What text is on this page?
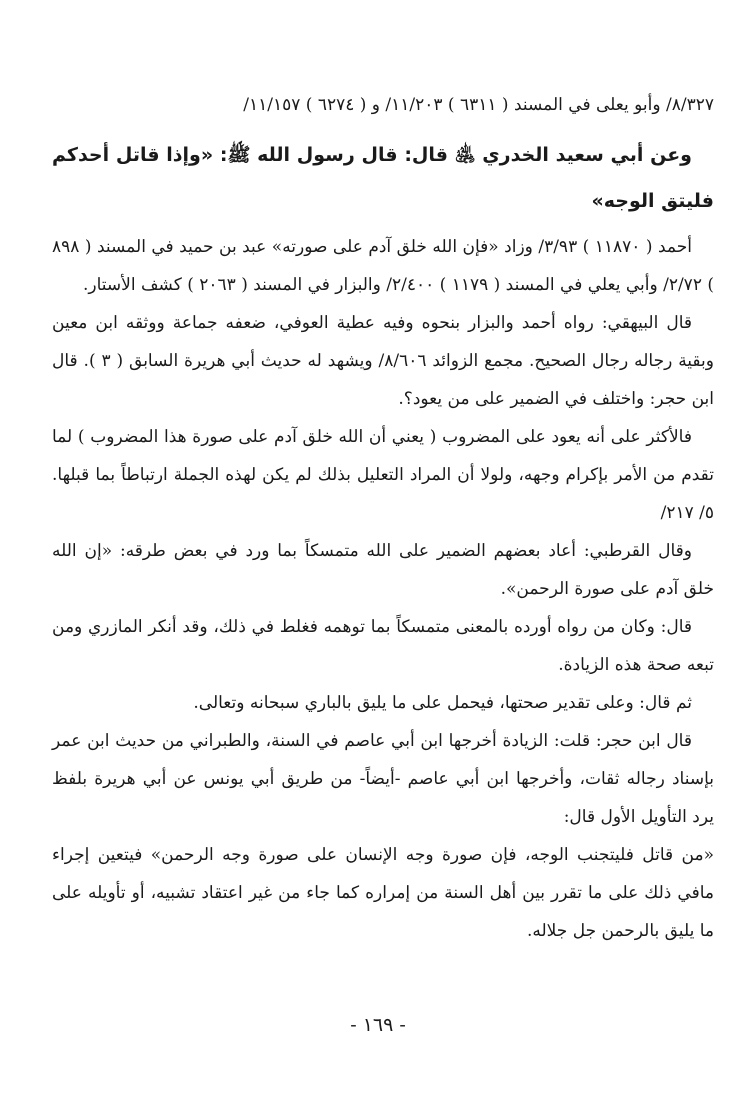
٨/٣٢٧/ وأبو يعلى في المسند ( ٦٣١١ ) ١١/٢٠٣/ و ( ٦٢٧٤ ) ١١/١٥٧/

وعن أبي سعيد الخدري ﵁ قال: قال رسول الله ﷺ: «وإذا قاتل أحدكم فليتق الوجه»

أحمد ( ١١٨٧٠ ) ٣/٩٣/ وزاد «فإن الله خلق آدم على صورته» عبد بن حميد في المسند ( ٨٩٨ ) ٢/٧٢/ وأبي يعلي في المسند ( ١١٧٩ ) ٢/٤٠٠/ والبزار في المسند ( ٢٠٦٣ ) كشف الأستار.

قال البيهقي: رواه أحمد والبزار بنحوه وفيه عطية العوفي، ضعفه جماعة ووثقه ابن معين وبقية رجاله رجال الصحيح. مجمع الزوائد ٨/٦٠٦/ ويشهد له حديث أبي هريرة السابق ( ٣ ). قال ابن حجر: واختلف في الضمير على من يعود؟.

فالأكثر على أنه يعود على المضروب ( يعني أن الله خلق آدم على صورة هذا المضروب ) لما تقدم من الأمر بإكرام وجهه، ولولا أن المراد التعليل بذلك لم يكن لهذه الجملة ارتباطاً بما قبلها. ٥/ ٢١٧/

وقال القرطبي: أعاد بعضهم الضمير على الله متمسكاً بما ورد في بعض طرقه: «إن الله خلق آدم على صورة الرحمن».

قال: وكان من رواه أورده بالمعنى متمسكاً بما توهمه فغلط في ذلك، وقد أنكر المازري ومن تبعه صحة هذه الزيادة.

ثم قال: وعلى تقدير صحتها، فيحمل على ما يليق بالباري سبحانه وتعالى.

قال ابن حجر: قلت: الزيادة أخرجها ابن أبي عاصم في السنة، والطبراني من حديث ابن عمر بإسناد رجاله ثقات، وأخرجها ابن أبي عاصم -أيضاً- من طريق أبي يونس عن أبي هريرة بلفظ يرد التأويل الأول قال:

«من قاتل فليتجنب الوجه، فإن صورة وجه الإنسان على صورة وجه الرحمن» فيتعين إجراء مافي ذلك على ما تقرر بين أهل السنة من إمراره كما جاء من غير اعتقاد تشبيه، أو تأويله على ما يليق بالرحمن جل جلاله.

- ١٦٩ -
